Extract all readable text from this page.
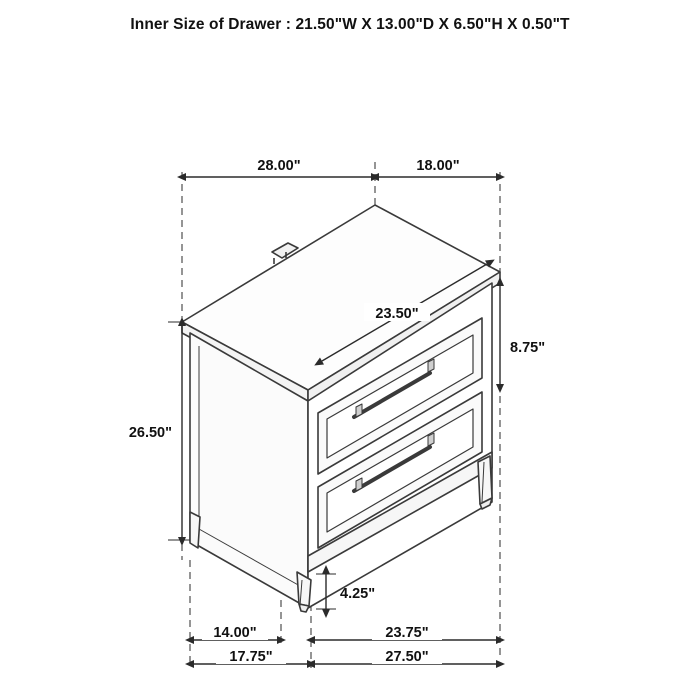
Inner Size of Drawer : 21.50"W X 13.00"D X 6.50"H X 0.50"T
28.00"	18.00"
23.50"
8.75"
26.50"
4.25"
14.00"	23.75"
17.75"	27.50"
